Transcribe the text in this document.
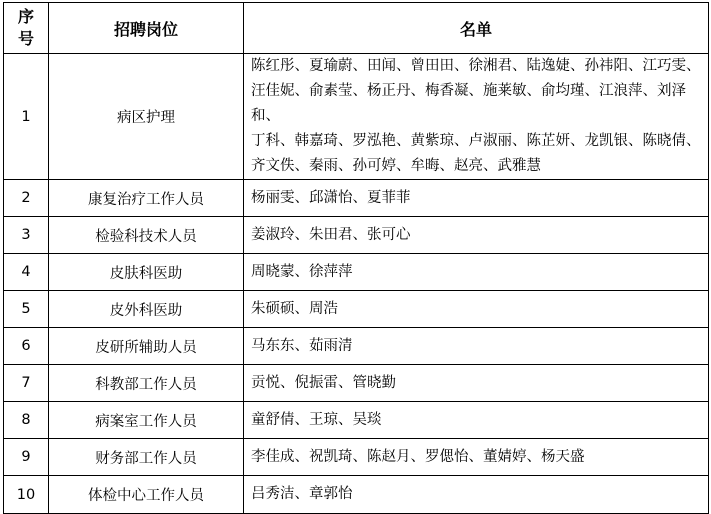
序
号	招聘岗位	名单
1	病区护理	陈红彤、夏瑜蔚、田闻、曾田田、徐湘君、陆逸婕、孙祎阳、江巧雯、
汪佳妮、俞素莹、杨正丹、梅香凝、施莱敏、俞均瑾、江浪萍、刘泽和、
丁科、韩嘉琦、罗泓艳、黄紫琼、卢淑丽、陈芷妍、龙凯银、陈晓倩、
齐文佚、秦雨、孙可婷、牟晦、赵亮、武雅慧

2	康复治疗工作人员	杨丽雯、邱潇怡、夏菲菲
3	检验科技术人员	姜淑玲、朱田君、张可心
4	皮肤科医助	周晓蒙、徐萍萍
5	皮外科医助	朱硕硕、周浩
6	皮研所辅助人员	马东东、茹雨清
7	科教部工作人员	贡悦、倪振雷、管晓勤
8	病案室工作人员	童舒倩、王琼、吴琰
9	财务部工作人员	李佳成、祝凯琦、陈赵月、罗偲怡、董婧婷、杨天盛
10	体检中心工作人员	吕秀洁、章郭怡
